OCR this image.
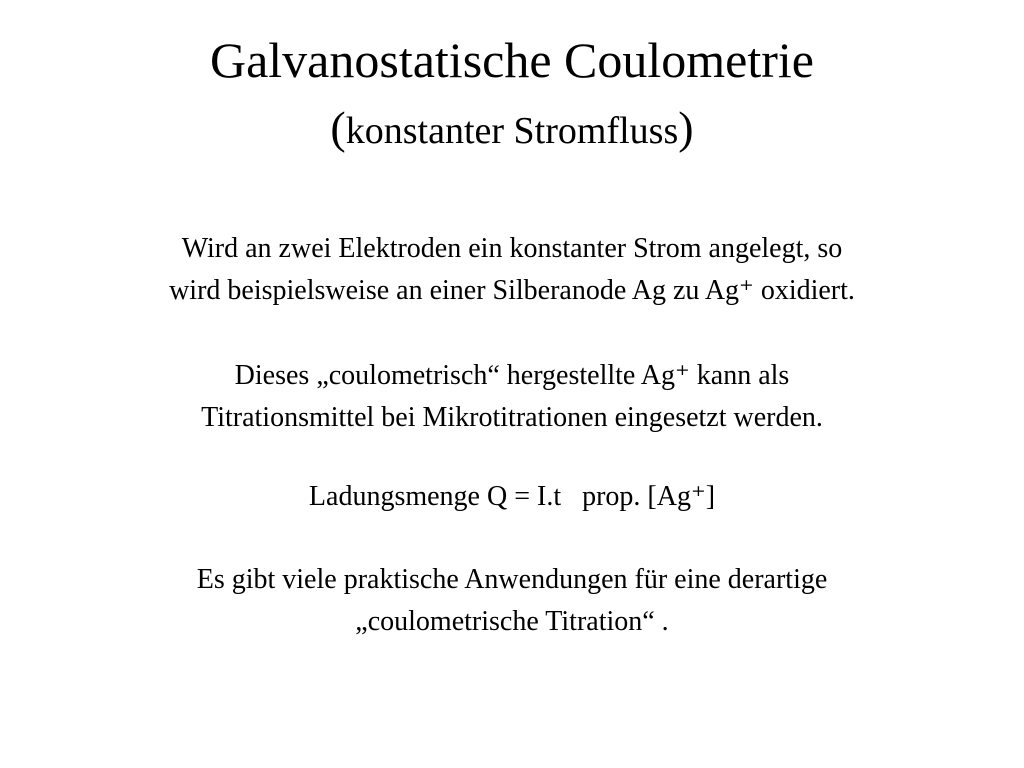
Galvanostatische Coulometrie
(konstanter Stromfluss)

Wird an zwei Elektroden ein konstanter Strom angelegt, so
wird beispielsweise an einer Silberanode Ag zu Ag⁺ oxidiert.

Dieses „coulometrisch“ hergestellte Ag⁺ kann als
Titrationsmittel bei Mikrotitrationen eingesetzt werden.

Ladungsmenge Q = I.t   prop. [Ag⁺]

Es gibt viele praktische Anwendungen für eine derartige
„coulometrische Titration“ .
